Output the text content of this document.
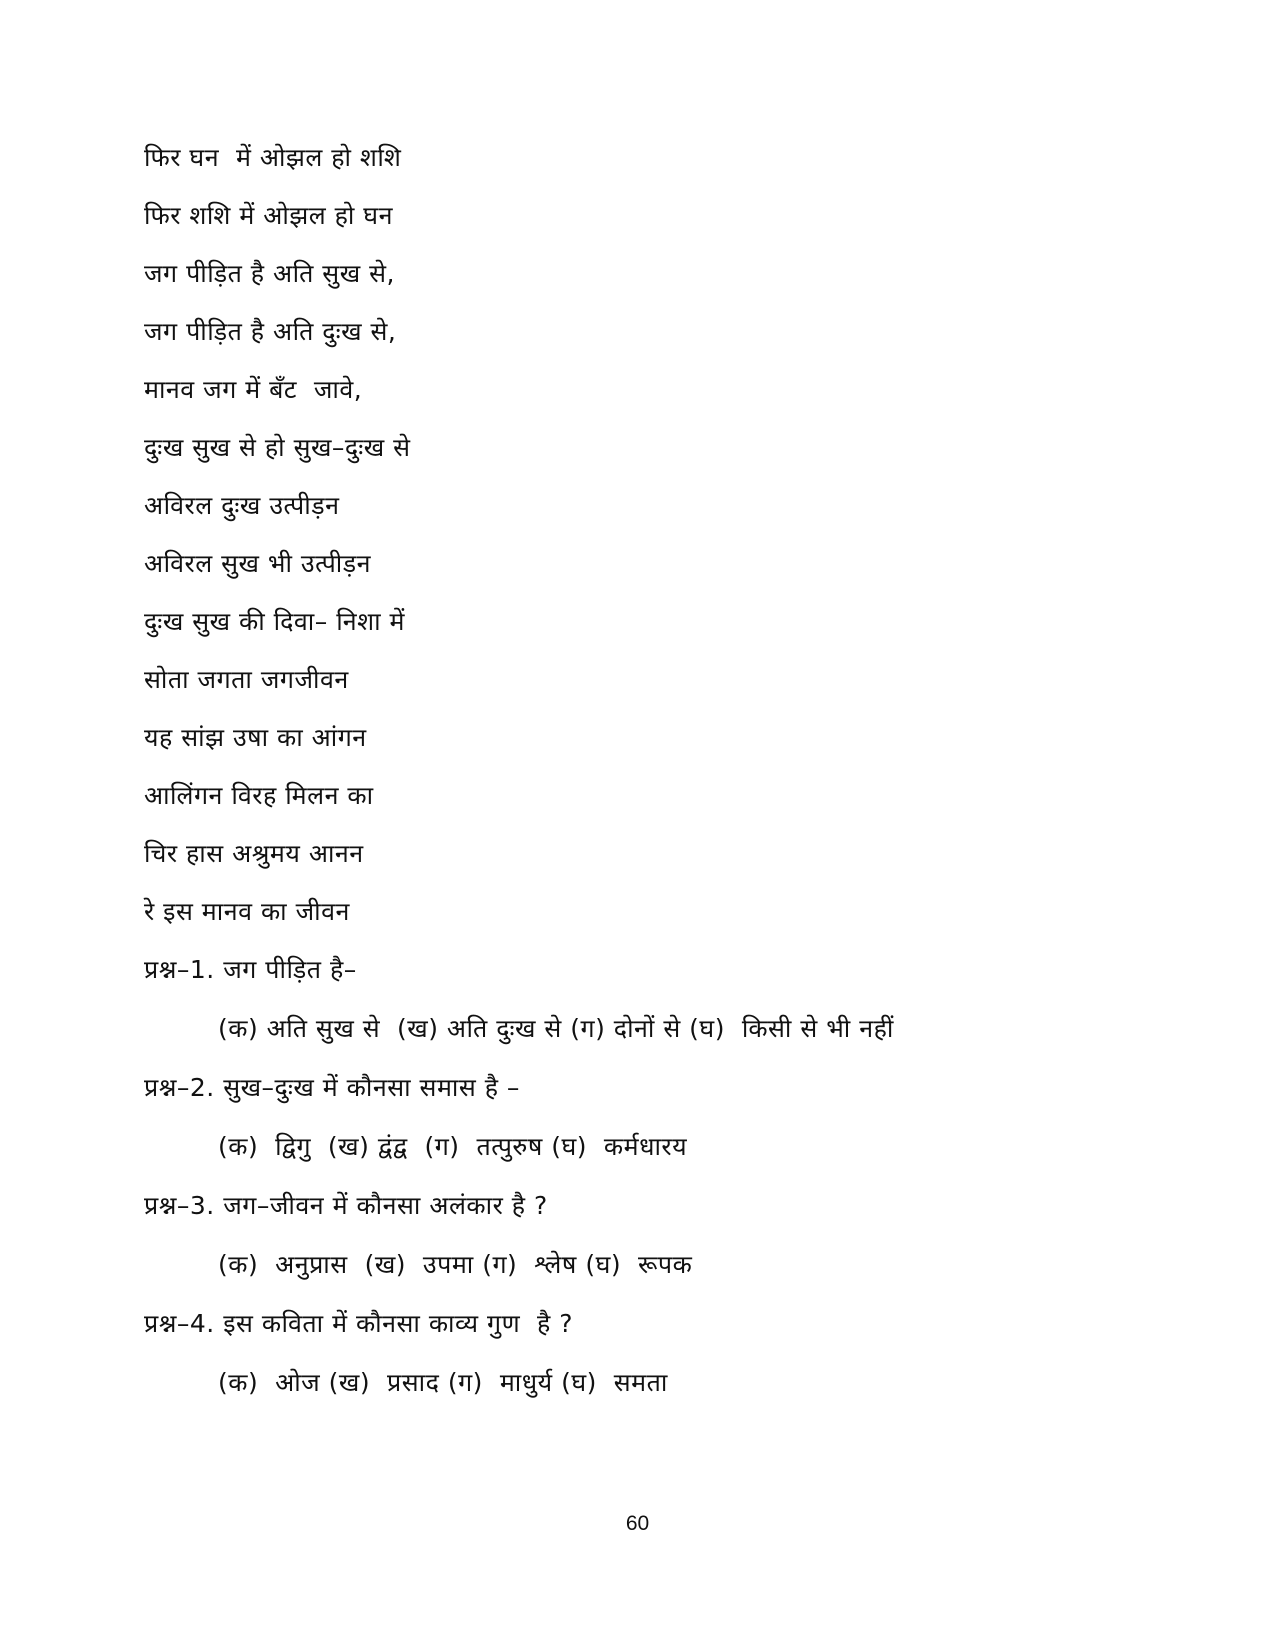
फिर घन  में ओझल हो शशि
फिर शशि में ओझल हो घन
जग पीड़ित है अति सुख से,
जग पीड़ित है अति दुःख से,
मानव जग में बँट  जावे,
दुःख सुख से हो सुख–दुःख से
अविरल दुःख उत्पीड़न
अविरल सुख भी उत्पीड़न
दुःख सुख की दिवा– निशा में
सोता जगता जगजीवन
यह सांझ उषा का आंगन
आलिंगन विरह मिलन का
चिर हास अश्रुमय आनन
रे इस मानव का जीवन
प्रश्न–1. जग पीड़ित है–
(क) अति सुख से  (ख) अति दुःख से (ग) दोनों से (घ)  किसी से भी नहीं
प्रश्न–2. सुख–दुःख में कौनसा समास है –
(क)  द्विगु  (ख) द्वंद्व  (ग)  तत्पुरुष (घ)  कर्मधारय
प्रश्न–3. जग–जीवन में कौनसा अलंकार है ?
(क)  अनुप्रास  (ख)  उपमा (ग)  श्लेष (घ)  रूपक
प्रश्न–4. इस कविता में कौनसा काव्य गुण  है ?
(क)  ओज (ख)  प्रसाद (ग)  माधुर्य (घ)  समता
60
